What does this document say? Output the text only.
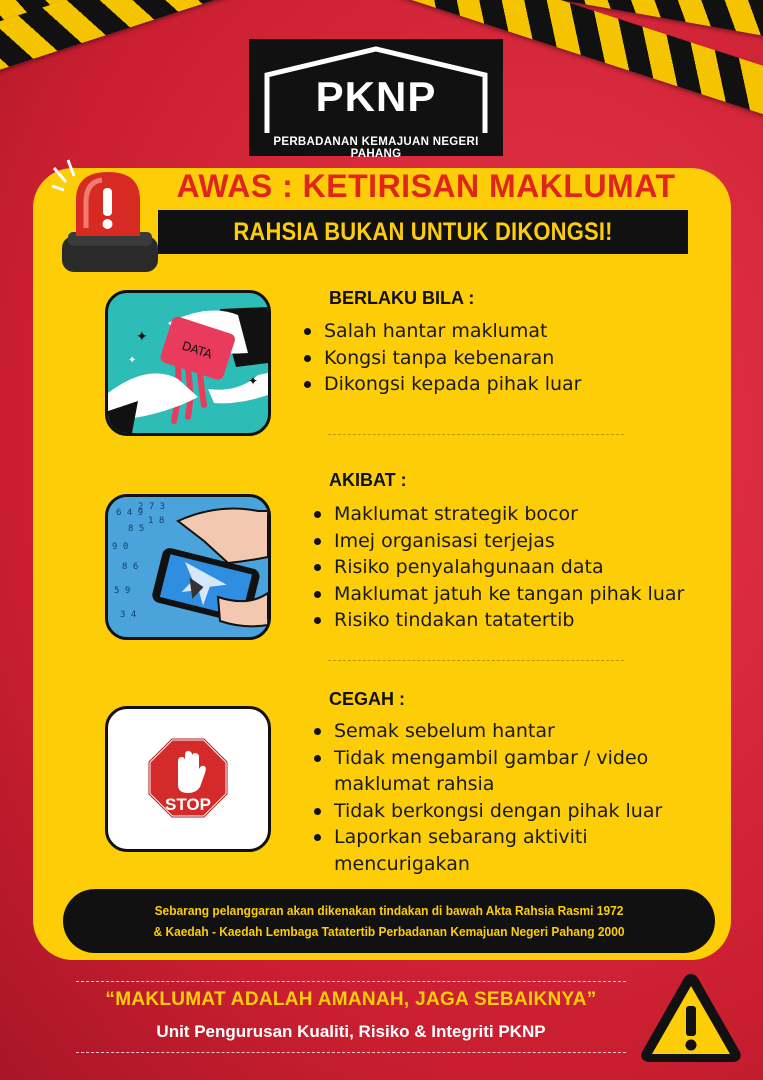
PKNP
PERBADANAN KEMAJUAN NEGERI PAHANG
AWAS : KETIRISAN MAKLUMAT
RAHSIA BUKAN UNTUK DIKONGSI!
DATA
✦
✦
✦
6 4 9
8 5
9 0
8 6
5 9
3 4
2 7 3
1 8
STOP
BERLAKU BILA :
Salah hantar maklumat
Kongsi tanpa kebenaran
Dikongsi kepada pihak luar
AKIBAT :
Maklumat strategik bocor
Imej organisasi terjejas
Risiko penyalahgunaan data
Maklumat jatuh ke tangan pihak luar
Risiko tindakan tatatertib
CEGAH :
Semak sebelum hantar
Tidak mengambil gambar / video maklumat rahsia
Tidak berkongsi dengan pihak luar
Laporkan sebarang aktiviti mencurigakan
Sebarang pelanggaran akan dikenakan tindakan di bawah Akta Rahsia Rasmi 1972
& Kaedah - Kaedah Lembaga Tatatertib Perbadanan Kemajuan Negeri Pahang 2000
“MAKLUMAT ADALAH AMANAH, JAGA SEBAIKNYA”
Unit Pengurusan Kualiti, Risiko & Integriti PKNP
